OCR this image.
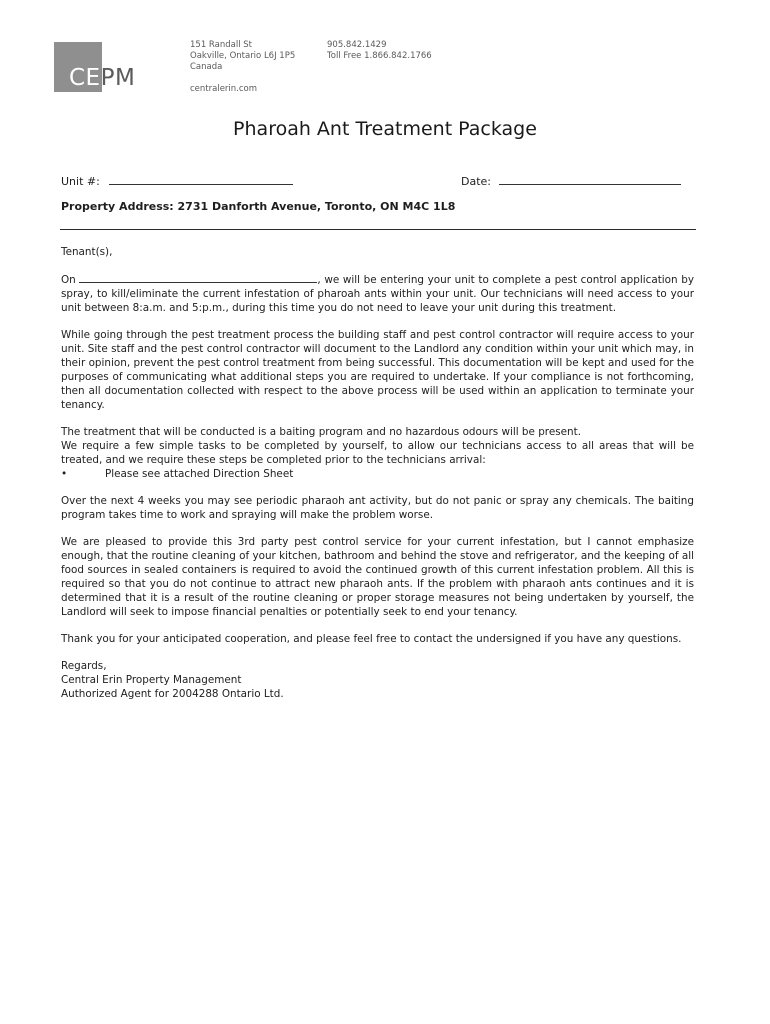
CEPM
151 Randall St
Oakville, Ontario L6J 1P5
Canada
905.842.1429
Toll Free 1.866.842.1766
centralerin.com
Pharoah Ant Treatment Package
Unit #:	Date:
Property Address: 2731 Danforth Avenue, Toronto, ON M4C 1L8

Tenant(s),

On	, we will be entering your unit to complete a pest control application by spray, to kill/eliminate the current infestation of pharoah ants within your unit. Our technicians will need access to your unit between 8:a.m. and 5:p.m., during this time you do not need to leave your unit during this treatment.

While going through the pest treatment process the building staff and pest control contractor will require access to your unit. Site staff and the pest control contractor will document to the Landlord any condition within your unit which may, in their opinion, prevent the pest control treatment from being successful. This documentation will be kept and used for the purposes of communicating what additional steps you are required to undertake. If your compliance is not forthcoming, then all documentation collected with respect to the above process will be used within an application to terminate your tenancy.

The treatment that will be conducted is a baiting program and no hazardous odours will be present.

We require a few simple tasks to be completed by yourself, to allow our technicians access to all areas that will be treated, and we require these steps be completed prior to the technicians arrival:

•	Please see attached Direction Sheet

Over the next 4 weeks you may see periodic pharaoh ant activity, but do not panic or spray any chemicals. The baiting program takes time to work and spraying will make the problem worse.

We are pleased to provide this 3rd party pest control service for your current infestation, but I cannot emphasize enough, that the routine cleaning of your kitchen, bathroom and behind the stove and refrigerator, and the keeping of all food sources in sealed containers is required to avoid the continued growth of this current infestation problem. All this is required so that you do not continue to attract new pharaoh ants. If the problem with pharaoh ants continues and it is determined that it is a result of the routine cleaning or proper storage measures not being undertaken by yourself, the Landlord will seek to impose financial penalties or potentially seek to end your tenancy.

Thank you for your anticipated cooperation, and please feel free to contact the undersigned if you have any questions.

Regards,
Central Erin Property Management
Authorized Agent for 2004288 Ontario Ltd.
